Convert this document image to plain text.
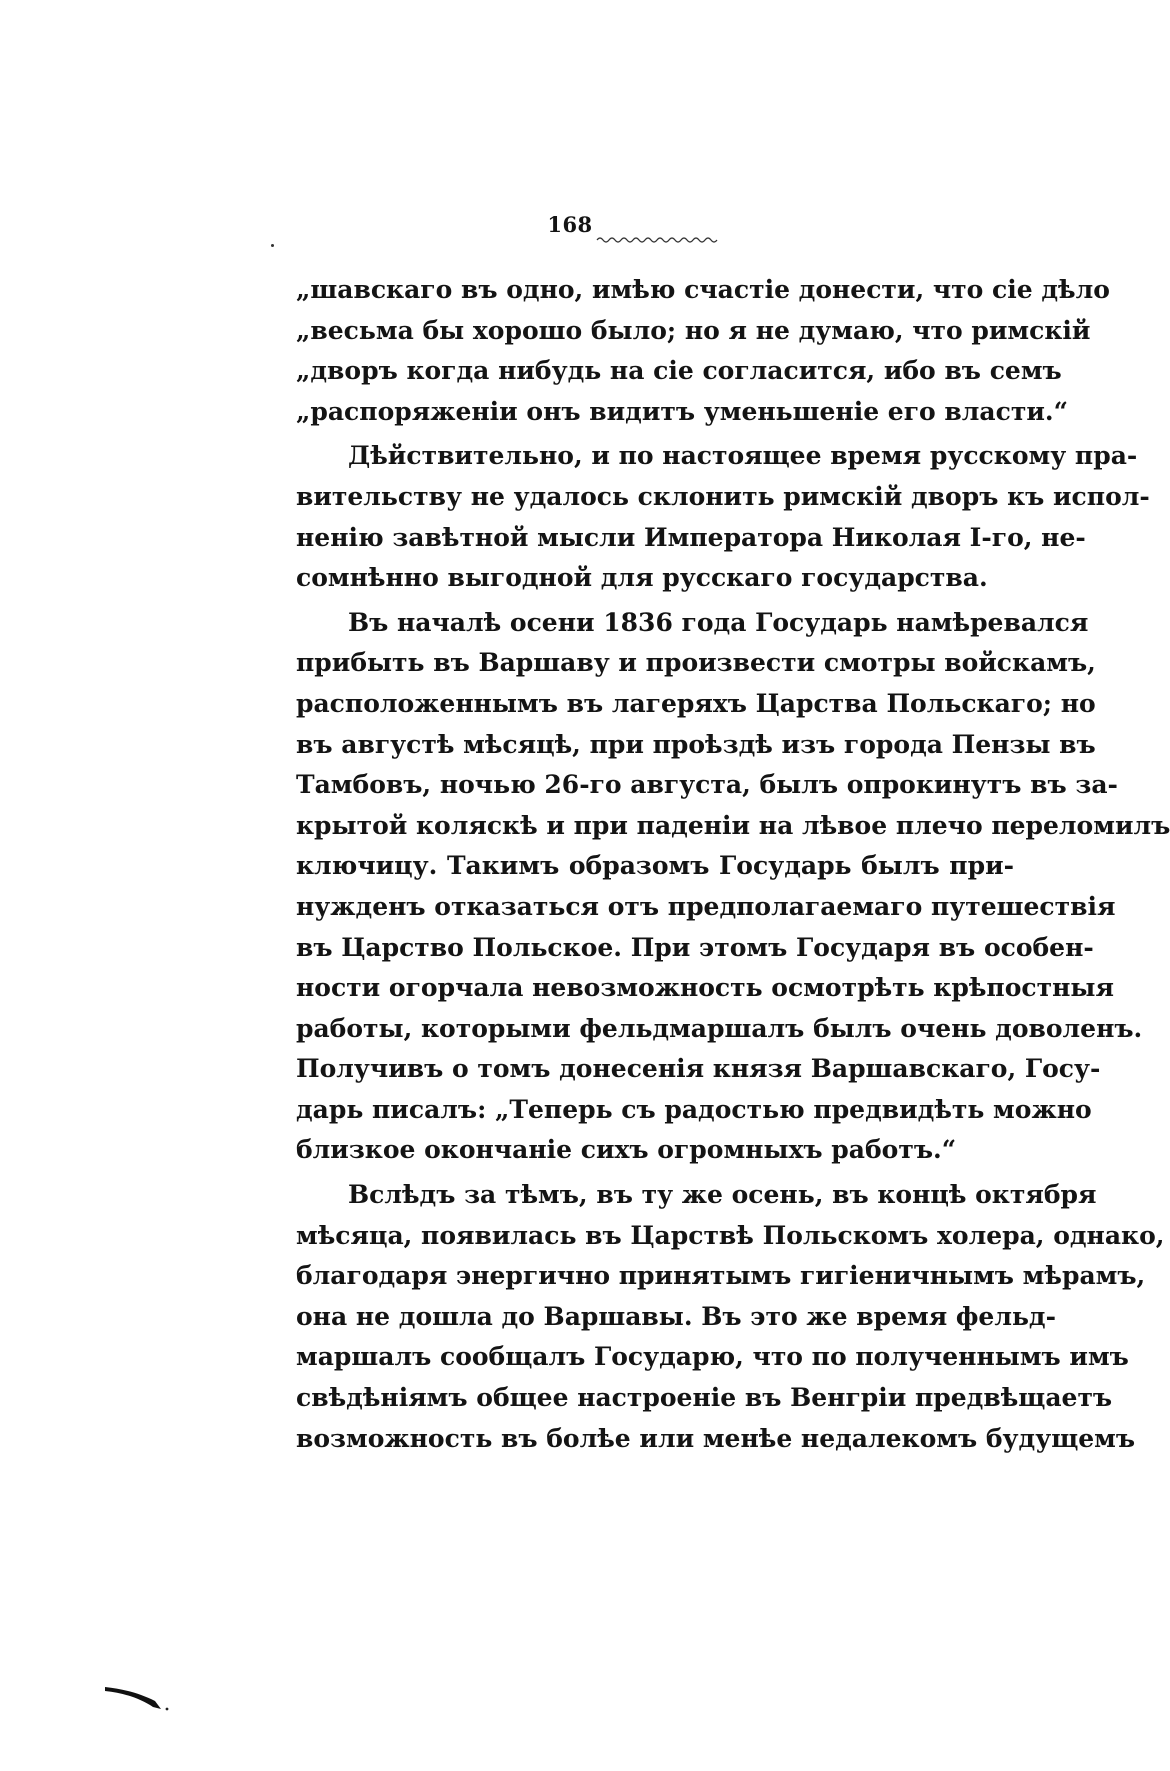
168
„шавскаго въ одно, имѣю счастіе донести, что сіе дѣло
„весьма бы хорошо было; но я не думаю, что римскій
„дворъ когда нибудь на сіе согласится, ибо въ семъ
„распоряженіи онъ видитъ уменьшеніе его власти.“
Дѣйствительно, и по настоящее время русскому пра-
вительству не удалось склонить римскій дворъ къ испол-
ненію завѣтной мысли Императора Николая I-го, не-
сомнѣнно выгодной для русскаго государства.
Въ началѣ осени 1836 года Государь намѣревался
прибыть въ Варшаву и произвести смотры войскамъ,
расположеннымъ въ лагеряхъ Царства Польскаго; но
въ августѣ мѣсяцѣ, при проѣздѣ изъ города Пензы въ
Тамбовъ, ночью 26-го августа, былъ опрокинутъ въ за-
крытой коляскѣ и при паденіи на лѣвое плечо переломилъ
ключицу. Такимъ образомъ Государь былъ при-
нужденъ отказаться отъ предполагаемаго путешествія
въ Царство Польское. При этомъ Государя въ особен-
ности огорчала невозможность осмотрѣть крѣпостныя
работы, которыми фельдмаршалъ былъ очень доволенъ.
Получивъ о томъ донесенія князя Варшавскаго, Госу-
дарь писалъ: „Теперь съ радостью предвидѣть можно
близкое окончаніе сихъ огромныхъ работъ.“
Вслѣдъ за тѣмъ, въ ту же осень, въ концѣ октября
мѣсяца, появилась въ Царствѣ Польскомъ холера, однако,
благодаря энергично принятымъ гигіеничнымъ мѣрамъ,
она не дошла до Варшавы. Въ это же время фельд-
маршалъ сообщалъ Государю, что по полученнымъ имъ
свѣдѣніямъ общее настроеніе въ Венгріи предвѣщаетъ
возможность въ болѣе или менѣе недалекомъ будущемъ
